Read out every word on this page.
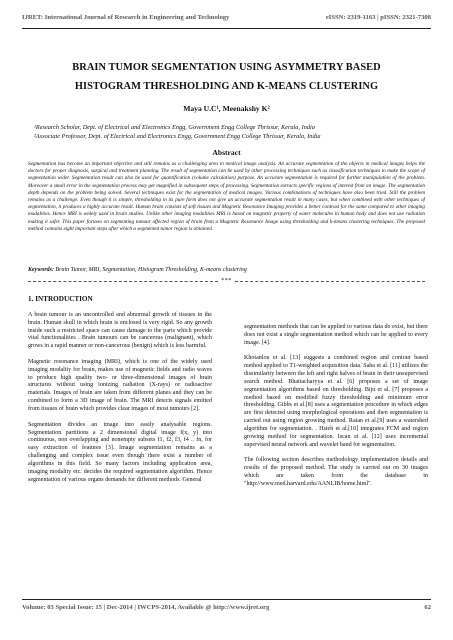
IJRET: International Journal of Research in Engineering and Technology	eISSN: 2319-1163 | pISSN: 2321-7308
BRAIN TUMOR SEGMENTATION USING ASYMMETRY BASED
HISTOGRAM THRESHOLDING AND K-MEANS CLUSTERING
Maya U.C¹, Meenakshy K²
¹Research Scholar, Dept. of Electrical and Electronics Engg, Government Engg College Thrissur, Kerala, India
²Associate Professor, Dept. of Electrical and Electronics Engg, Government Engg College Thrissur, Kerala, India
Abstract
Segmentation has become an important objective and still remains as a challenging area in medical image analysis. An accurate segmentation of the objects in medical images helps the doctors for proper diagnosis, surgical and treatment planning. The result of segmentation can be used by other processing techniques such as classification techniques to make the scope of segmentation wider. Segmentation result can also be used for quantification (volume calculation) purpose. An accurate segmentation is required for further manipulation of the problem. Moreover a small error in the segmentation process may get magnified in subsequent steps of processing. Segmentation extracts specific regions of interest from an image. The segmentation depth depends on the problem being solved. Several techniques exist for the segmentation of medical images. Various combinations of techniques have also been tried. Still the problem remains as a challenge. Even though it is simple, thresholding in its pure form does not give an accurate segmentation result in many cases, but when combined with other techniques of segmentation, it produces a highly accurate result. Human brain consists of soft tissues and Magnetic Resonance Imaging provides a better contrast for the same compared to other imaging modalities. Hence MRI is widely used in brain studies. Unlike other imaging modalities MRI is based on magnetic property of water molecules in human body and does not use radiation making it safer. This paper focuses on segmenting tumour affected region of brain from a Magnetic Resonance Image using thresholding and k-means clustering techniques. The proposed method contains eight important steps after which a segmented tumor region is obtained.
Keywords: Brain Tumor, MRI, Segmentation, Histogram Thresholding, K-means clustering
***
1. INTRODUCTION

A brain tumour is an uncontrolled and abnormal growth of tissues in the brain. Human skull in which brain is enclosed is very rigid. So any growth inside such a restricted space can cause damage to the parts which provide vital functionalities . Brain tumours can be cancerous (malignant), which grows in a rapid manner or non-cancerous (benign) which is less harmful.

Magnetic resonance imaging (MRI), which is one of the widely used imaging modality for brain, makes use of magnetic fields and radio waves to produce high quality two- or three-dimensional images of brain structures without using ionizing radiation (X-rays) or radioactive materials. Images of brain are taken from different planes and they can be combined to form a 3D image of brain. The MRI detects signals emitted from tissues of brain which provides clear images of most tumours [2].

Segmentation divides an image into easily analysable regions. Segmentation partitions a 2 dimensional digital image f(x, y) into continuous, non overlapping and nonempty subsets f1, f2, f3, f4 .. fn, for easy extraction of features [3]. Image segmentation remains as a challenging and complex issue even though there exist a number of algorithms in this field. So many factors including application area, imaging modality etc. decides the required segmentation algorithm. Hence segmentation of various organs demands for different methods. General

segmentation methods that can be applied to various data do exist, but there does not exist a single segmentation method which can be applied to every image. [4].

Khotanlou et al. [13] suggests a combined region and contour based method applied to T1-weighted acquisition data. Saha et al. [11] utilizes the dissimilarity between the left and right halves of brain in their unsupervised search method. Bhattacharyya et al. [6] proposes a set of image segmentation algorithms based on thresholding. Biju et al. [7] proposes a method based on modified fuzzy thresholding and minimum error thresholding. Gibbs et al.[8] uses a segmentation procedure in which edges are first detected using morphological operations and then segmentation is carried out using region growing method. Ratan et al.[9] uses a watershed algorithm for segmentation. . Hsieh et al.[10] integrates FCM and region growing method for segmentation. Iscan et al. [12] uses incremental supervised neural network and wavelet band for segmentation.

The following section describes methodology implementation details and results of the proposed method. The study is carried out on 30 images which are taken from the database in "http://www.med.harvard.edu/AANLIB/home.html".

Volume: 03 Special Issue: 15 | Dec-2014 | IWCPS-2014, Available @ http://www.ijret.org	62
